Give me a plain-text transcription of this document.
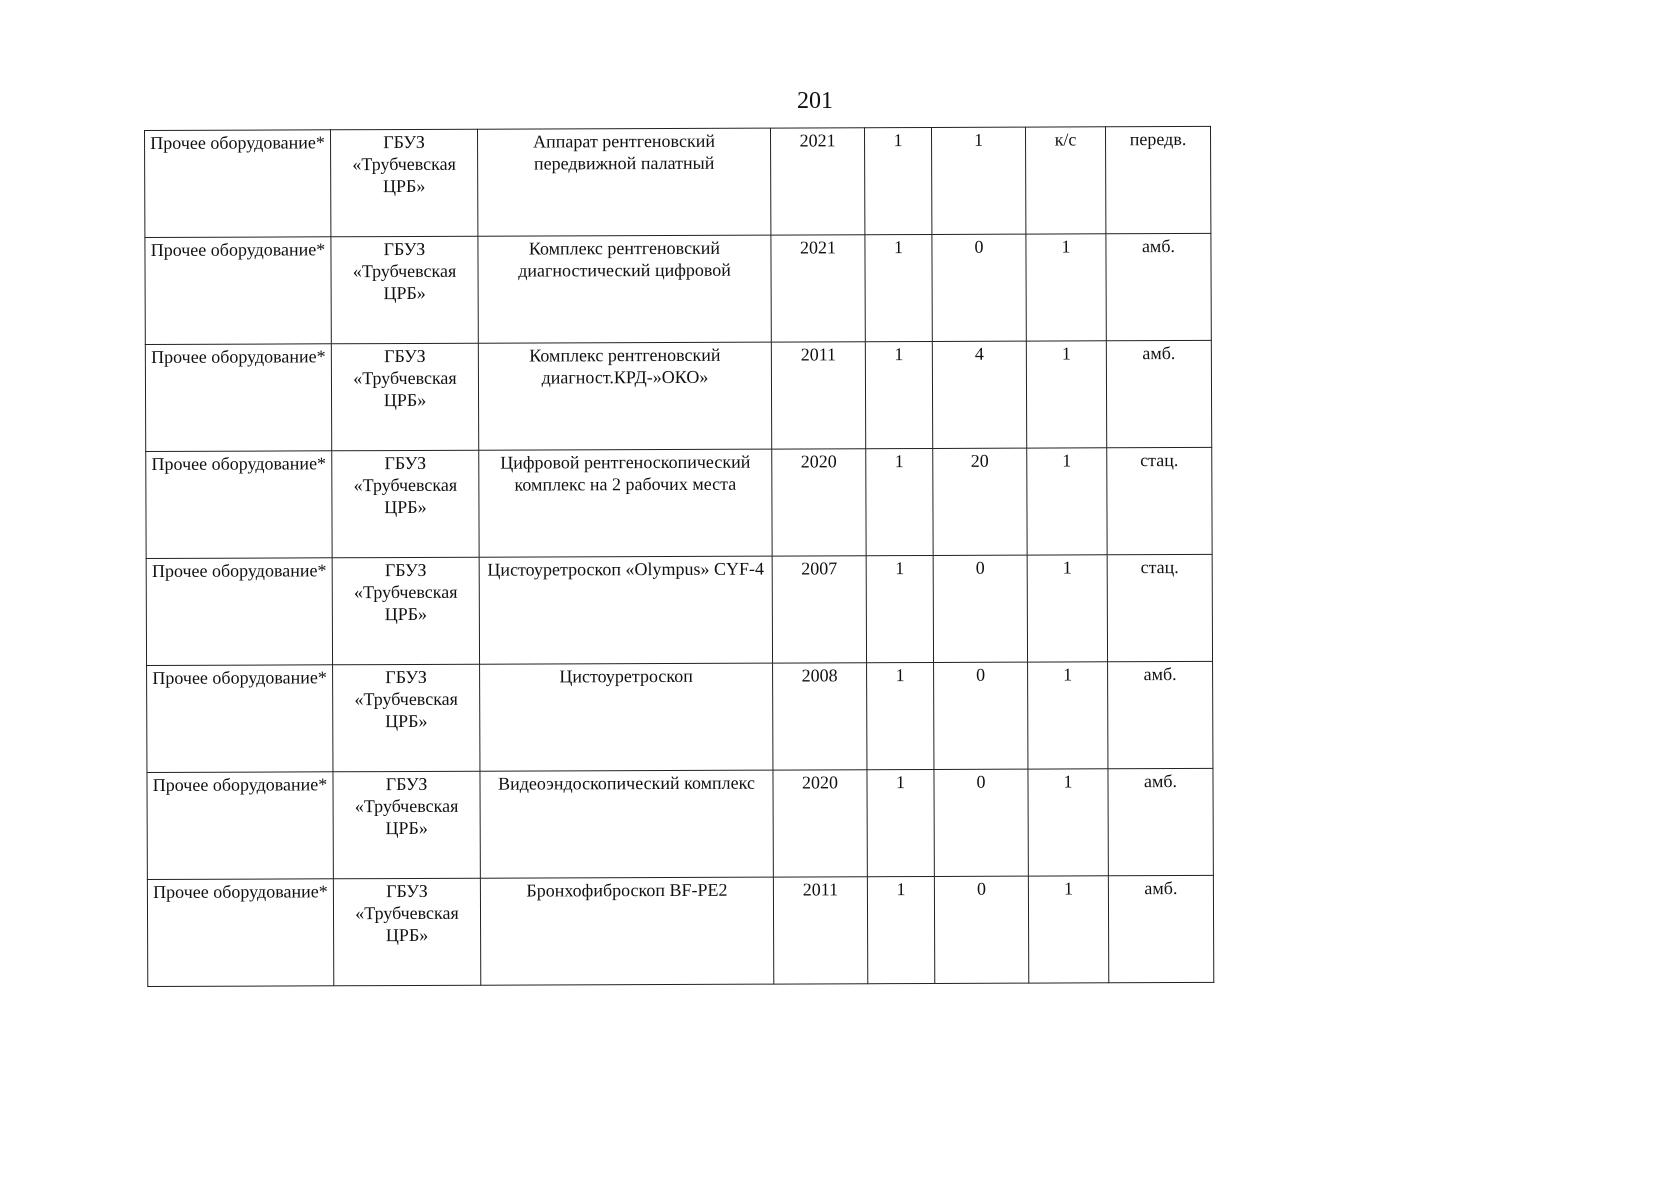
201
Прочее оборудование*	ГБУЗ «Трубчевская ЦРБ»	Аппарат рентгеновский передвижной палатный	2021	1	1	к/с	передв.
Прочее оборудование*	ГБУЗ «Трубчевская ЦРБ»	Комплекс рентгеновский диагностический цифровой	2021	1	0	1	амб.
Прочее оборудование*	ГБУЗ «Трубчевская ЦРБ»	Комплекс рентгеновский диагност.КРД-»ОКО»	2011	1	4	1	амб.
Прочее оборудование*	ГБУЗ «Трубчевская ЦРБ»	Цифровой рентгеноскопический комплекс на 2 рабочих места	2020	1	20	1	стац.
Прочее оборудование*	ГБУЗ «Трубчевская ЦРБ»	Цистоуретроскоп «Olympus» CYF-4	2007	1	0	1	стац.
Прочее оборудование*	ГБУЗ «Трубчевская ЦРБ»	Цистоуретроскоп	2008	1	0	1	амб.
Прочее оборудование*	ГБУЗ «Трубчевская ЦРБ»	Видеоэндоскопический комплекс	2020	1	0	1	амб.
Прочее оборудование*	ГБУЗ «Трубчевская ЦРБ»	Бронхофиброскоп BF-PE2	2011	1	0	1	амб.
